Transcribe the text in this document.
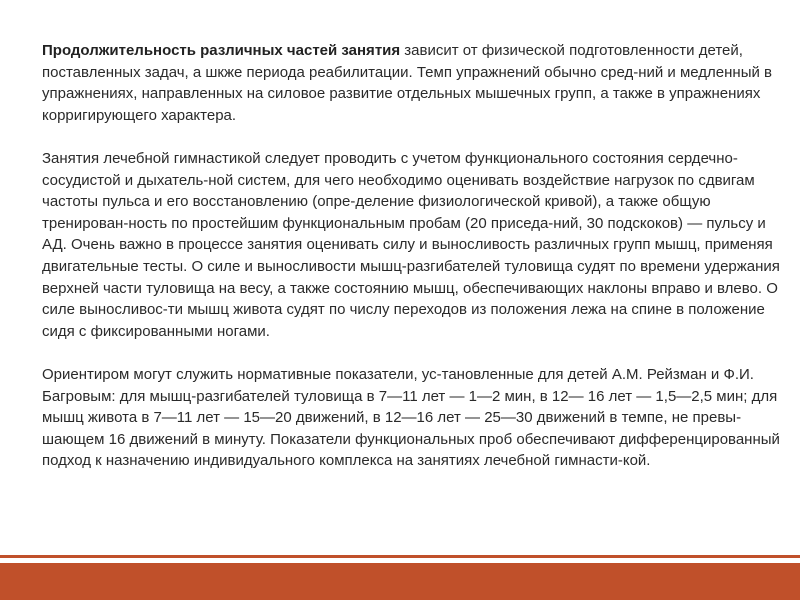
Продолжительность различных частей занятия зависит от физической подготовленности детей, поставленных задач, а шкже периода реабилитации. Темп упражнений обычно сред-ний и медленный в упражнениях, направленных на силовое развитие отдельных мышечных групп, а также в упражнениях корригирующего характера.

Занятия лечебной гимнастикой следует проводить с учетом функционального состояния сердечно-сосудистой и дыхатель-ной систем, для чего необходимо оценивать воздействие нагрузок по сдвигам частоты пульса и его восстановлению (опре-деление физиологической кривой), а также общую тренирован-ность по простейшим функциональным пробам (20 приседа-ний, 30 подскоков) — пульсу и АД. Очень важно в процессе занятия оценивать силу и выносливость различных групп мышц, применяя двигательные тесты. О силе и выносливости мышц-разгибателей туловища судят по времени удержания верхней части туловища на весу, а также состоянию мышц, обеспечивающих наклоны вправо и влево. О силе выносливос-ти мышц живота судят по числу переходов из положения лежа на спине в положение сидя с фиксированными ногами.

Ориентиром могут служить нормативные показатели, ус-тановленные для детей А.М. Рейзман и Ф.И. Багровым: для мышц-разгибателей туловища в 7—11 лет — 1—2 мин, в 12— 16 лет — 1,5—2,5 мин; для мышц живота в 7—11 лет — 15—20 движений, в 12—16 лет — 25—30 движений в темпе, не превы-шающем 16 движений в минуту. Показатели функциональных проб обеспечивают дифференцированный подход к назначению индивидуального комплекса на занятиях лечебной гимнасти-кой.
